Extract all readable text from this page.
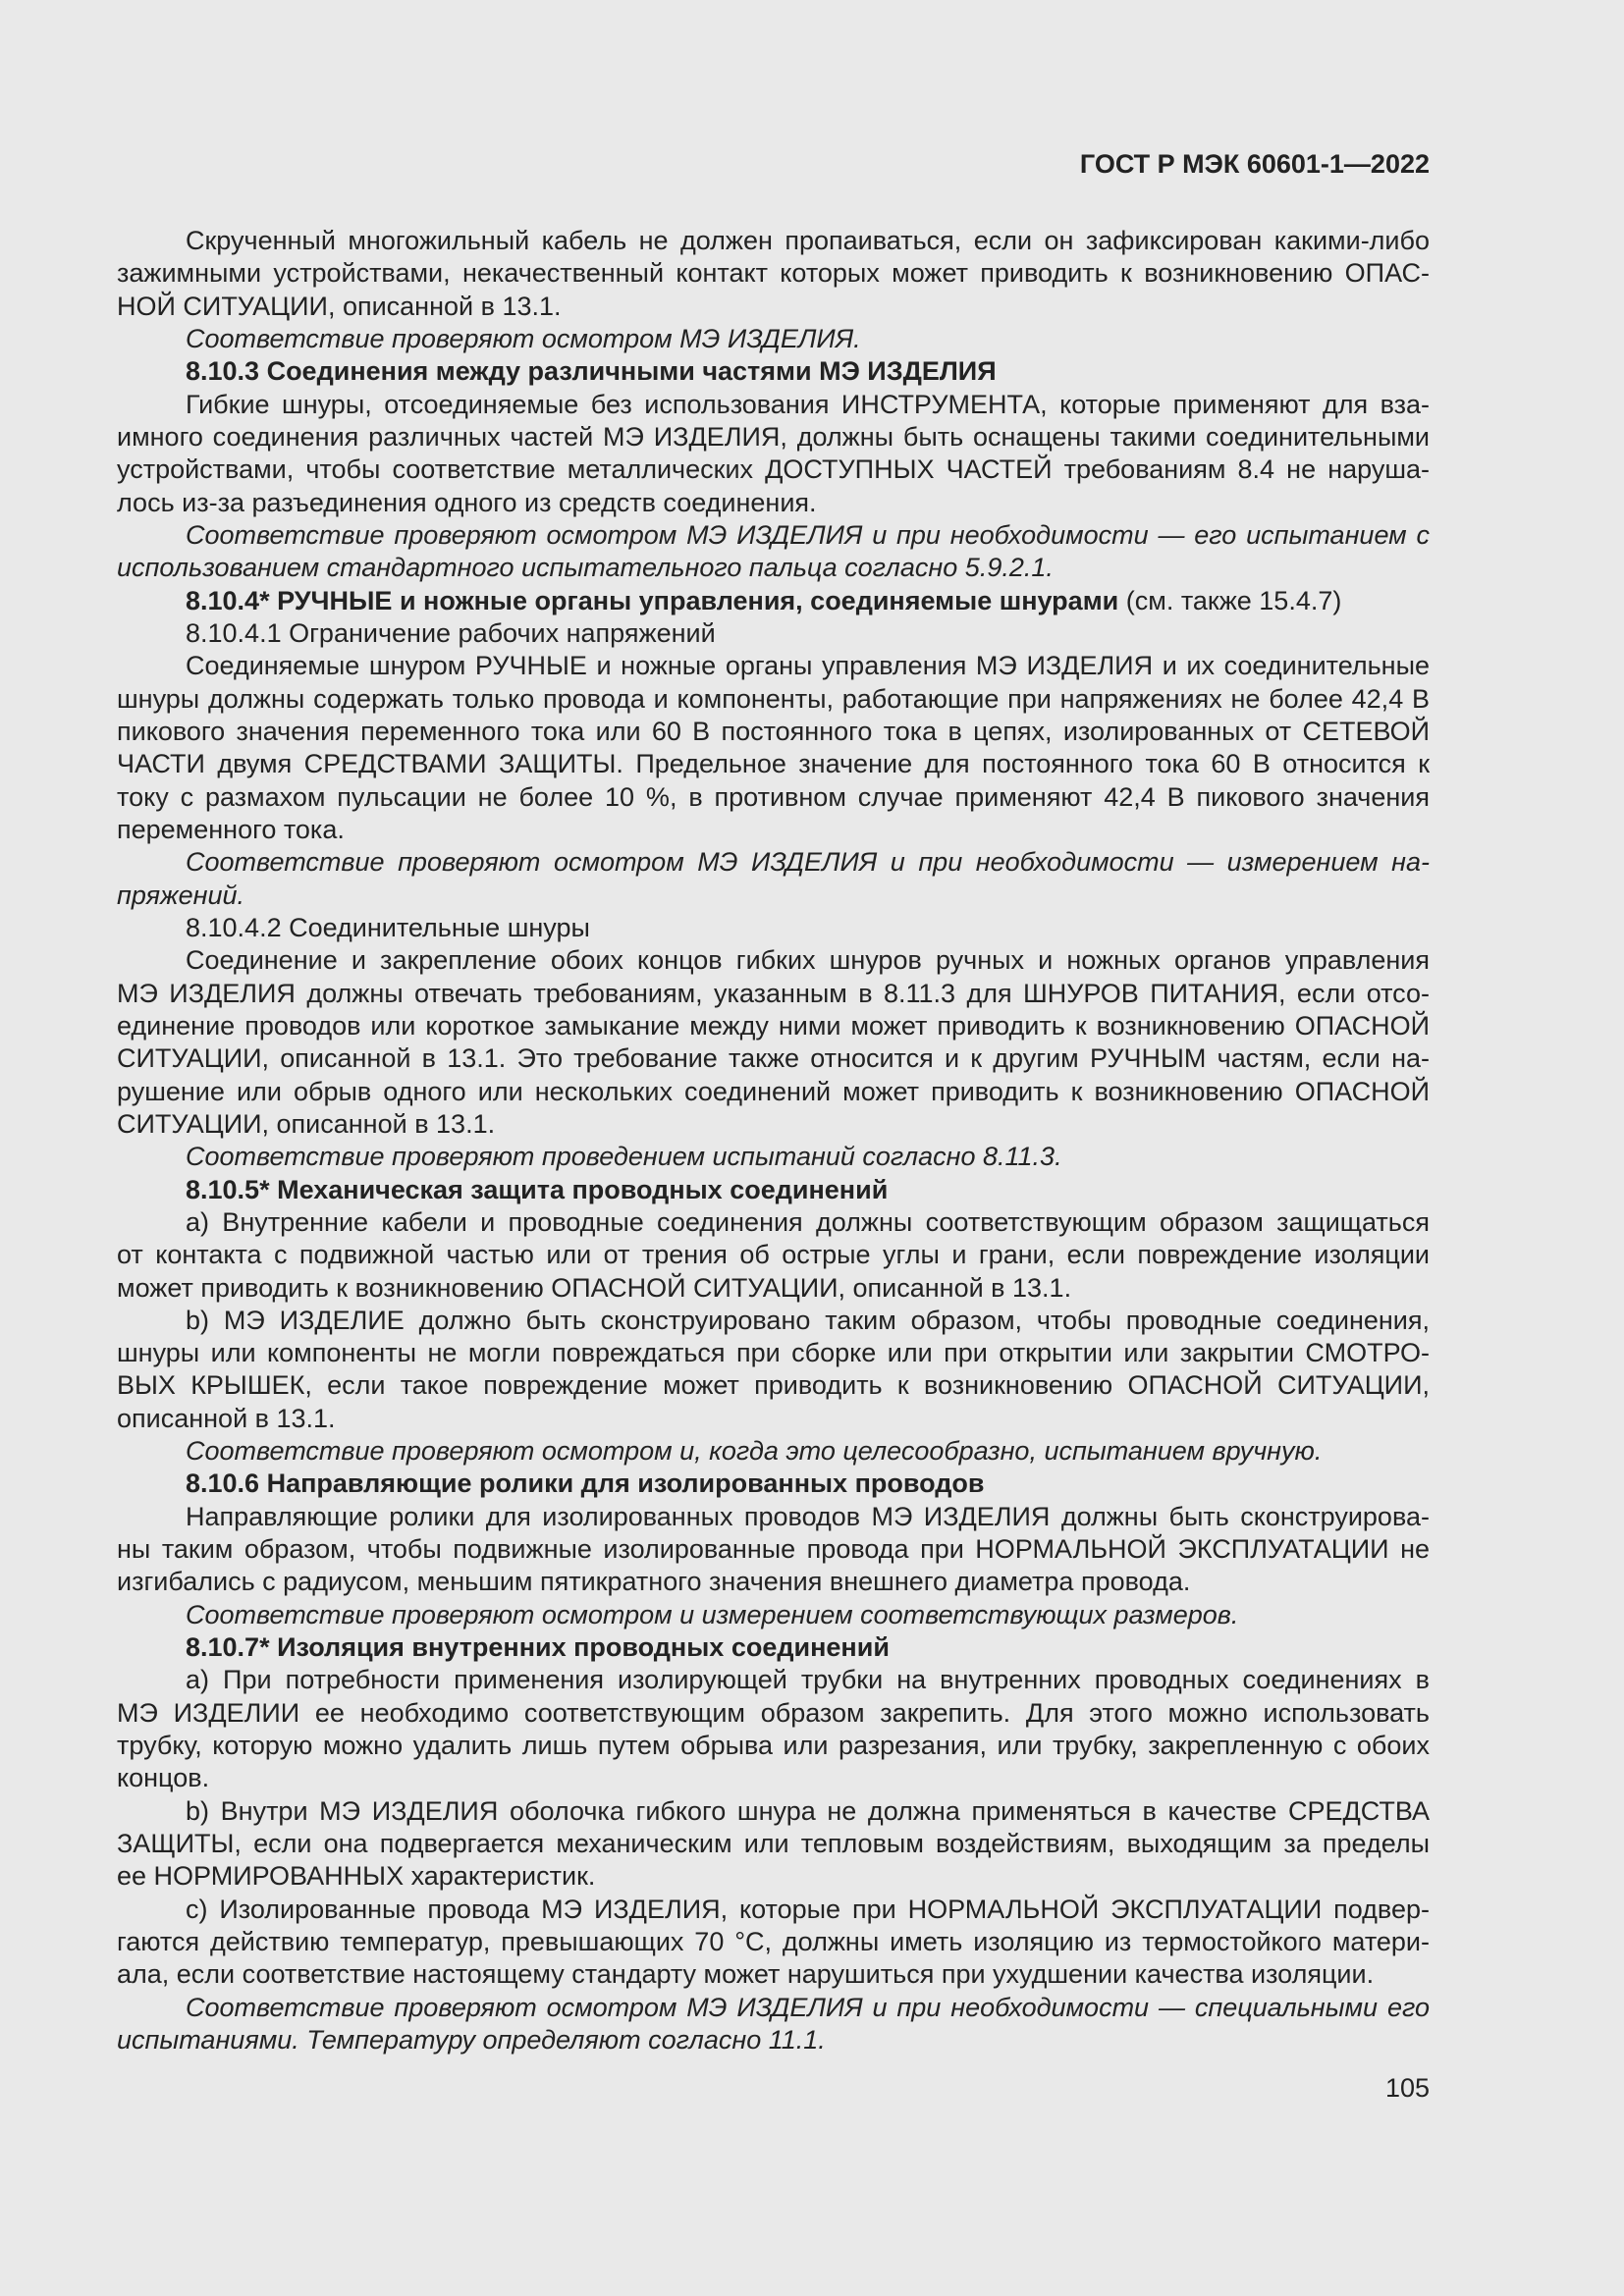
ГОСТ Р МЭК 60601-1—2022
Скрученный многожильный кабель не должен пропаиваться, если он зафиксирован какими-либо
зажимными устройствами, некачественный контакт которых может приводить к возникновению ОПАС-
НОЙ СИТУАЦИИ, описанной в 13.1.
Соответствие проверяют осмотром МЭ ИЗДЕЛИЯ.
8.10.3 Соединения между различными частями МЭ ИЗДЕЛИЯ
Гибкие шнуры, отсоединяемые без использования ИНСТРУМЕНТА, которые применяют для вза-
имного соединения различных частей МЭ ИЗДЕЛИЯ, должны быть оснащены такими соединительными
устройствами, чтобы соответствие металлических ДОСТУПНЫХ ЧАСТЕЙ требованиям 8.4 не наруша-
лось из-за разъединения одного из средств соединения.
Соответствие проверяют осмотром МЭ ИЗДЕЛИЯ и при необходимости — его испытанием с
использованием стандартного испытательного пальца согласно 5.9.2.1.
8.10.4* РУЧНЫЕ и ножные органы управления, соединяемые шнурами (см. также 15.4.7)
8.10.4.1 Ограничение рабочих напряжений
Соединяемые шнуром РУЧНЫЕ и ножные органы управления МЭ ИЗДЕЛИЯ и их соединительные
шнуры должны содержать только провода и компоненты, работающие при напряжениях не более 42,4 В
пикового значения переменного тока или 60 В постоянного тока в цепях, изолированных от СЕТЕВОЙ
ЧАСТИ двумя СРЕДСТВАМИ ЗАЩИТЫ. Предельное значение для постоянного тока 60 В относится к
току с размахом пульсации не более 10 %, в противном случае применяют 42,4 В пикового значения
переменного тока.
Соответствие проверяют осмотром МЭ ИЗДЕЛИЯ и при необходимости — измерением на-
пряжений.
8.10.4.2 Соединительные шнуры
Соединение и закрепление обоих концов гибких шнуров ручных и ножных органов управления
МЭ ИЗДЕЛИЯ должны отвечать требованиям, указанным в 8.11.3 для ШНУРОВ ПИТАНИЯ, если отсо-
единение проводов или короткое замыкание между ними может приводить к возникновению ОПАСНОЙ
СИТУАЦИИ, описанной в 13.1. Это требование также относится и к другим РУЧНЫМ частям, если на-
рушение или обрыв одного или нескольких соединений может приводить к возникновению ОПАСНОЙ
СИТУАЦИИ, описанной в 13.1.
Соответствие проверяют проведением испытаний согласно 8.11.3.
8.10.5* Механическая защита проводных соединений
a) Внутренние кабели и проводные соединения должны соответствующим образом защищаться
от контакта с подвижной частью или от трения об острые углы и грани, если повреждение изоляции
может приводить к возникновению ОПАСНОЙ СИТУАЦИИ, описанной в 13.1.
b) МЭ ИЗДЕЛИЕ должно быть сконструировано таким образом, чтобы проводные соединения,
шнуры или компоненты не могли повреждаться при сборке или при открытии или закрытии СМОТРО-
ВЫХ КРЫШЕК, если такое повреждение может приводить к возникновению ОПАСНОЙ СИТУАЦИИ,
описанной в 13.1.
Соответствие проверяют осмотром и, когда это целесообразно, испытанием вручную.
8.10.6 Направляющие ролики для изолированных проводов
Направляющие ролики для изолированных проводов МЭ ИЗДЕЛИЯ должны быть сконструирова-
ны таким образом, чтобы подвижные изолированные провода при НОРМАЛЬНОЙ ЭКСПЛУАТАЦИИ не
изгибались с радиусом, меньшим пятикратного значения внешнего диаметра провода.
Соответствие проверяют осмотром и измерением соответствующих размеров.
8.10.7* Изоляция внутренних проводных соединений
a) При потребности применения изолирующей трубки на внутренних проводных соединениях в
МЭ ИЗДЕЛИИ ее необходимо соответствующим образом закрепить. Для этого можно использовать
трубку, которую можно удалить лишь путем обрыва или разрезания, или трубку, закрепленную с обоих
концов.
b) Внутри МЭ ИЗДЕЛИЯ оболочка гибкого шнура не должна применяться в качестве СРЕДСТВА
ЗАЩИТЫ, если она подвергается механическим или тепловым воздействиям, выходящим за пределы
ее НОРМИРОВАННЫХ характеристик.
c) Изолированные провода МЭ ИЗДЕЛИЯ, которые при НОРМАЛЬНОЙ ЭКСПЛУАТАЦИИ подвер-
гаются действию температур, превышающих 70 °C, должны иметь изоляцию из термостойкого матери-
ала, если соответствие настоящему стандарту может нарушиться при ухудшении качества изоляции.
Соответствие проверяют осмотром МЭ ИЗДЕЛИЯ и при необходимости — специальными его
испытаниями. Температуру определяют согласно 11.1.
105
